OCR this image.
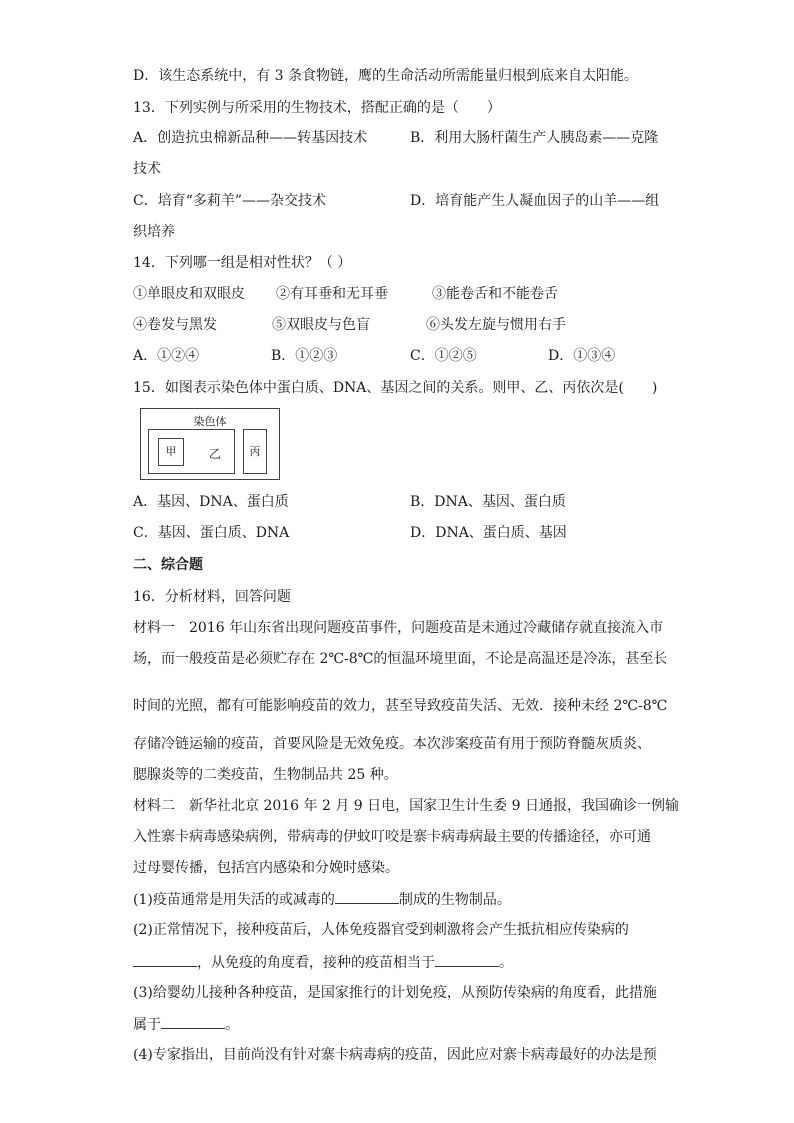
D．该生态系统中，有 3 条食物链，鹰的生命活动所需能量归根到底来自太阳能。
13．下列实例与所采用的生物技术，搭配正确的是（　　）
A．创造抗虫棉新品种——转基因技术	B．利用大肠杆菌生产人胰岛素——克隆
技术
C．培育“多莉羊”——杂交技术	D．培育能产生人凝血因子的山羊——组
织培养
14．下列哪一组是相对性状？（ ）
①单眼皮和双眼皮 ②有耳垂和无耳垂	③能卷舌和不能卷舌
④卷发与黑发	⑤双眼皮与色盲	⑥头发左旋与惯用右手
A．①②④	B．①②③	C．①②⑤	D．①③④
15．如图表示染色体中蛋白质、DNA、基因之间的关系。则甲、乙、丙依次是(　　)
染色体
甲	乙	丙
A．基因、DNA、蛋白质	B．DNA、基因、蛋白质
C．基因、蛋白质、DNA	D．DNA、蛋白质、基因
二、综合题
16．分析材料，回答问题
材料一　2016 年山东省出现问题疫苗事件，问题疫苗是未通过冷藏储存就直接流入市
场，而一般疫苗是必须贮存在 2℃-8℃的恒温环境里面，不论是高温还是冷冻，甚至长
时间的光照，都有可能影响疫苗的效力，甚至导致疫苗失活、无效．接种未经 2℃-8℃
存储冷链运输的疫苗，首要风险是无效免疫。本次涉案疫苗有用于预防脊髓灰质炎、
腮腺炎等的二类疫苗，生物制品共 25 种。
材料二　新华社北京 2016 年 2 月 9 日电，国家卫生计生委 9 日通报，我国确诊一例输
入性寨卡病毒感染病例，带病毒的伊蚊叮咬是寨卡病毒病最主要的传播途径，亦可通
过母婴传播，包括宫内感染和分娩时感染。
(1)疫苗通常是用失活的或减毒的	制成的生物制品。
(2)正常情况下，接种疫苗后，人体免疫器官受到刺激将会产生抵抗相应传染病的
，从免疫的角度看，接种的疫苗相当于	。
(3)给婴幼儿接种各种疫苗，是国家推行的计划免疫，从预防传染病的角度看，此措施
属于	。
(4)专家指出，目前尚没有针对寨卡病毒病的疫苗，因此应对寨卡病毒最好的办法是预
